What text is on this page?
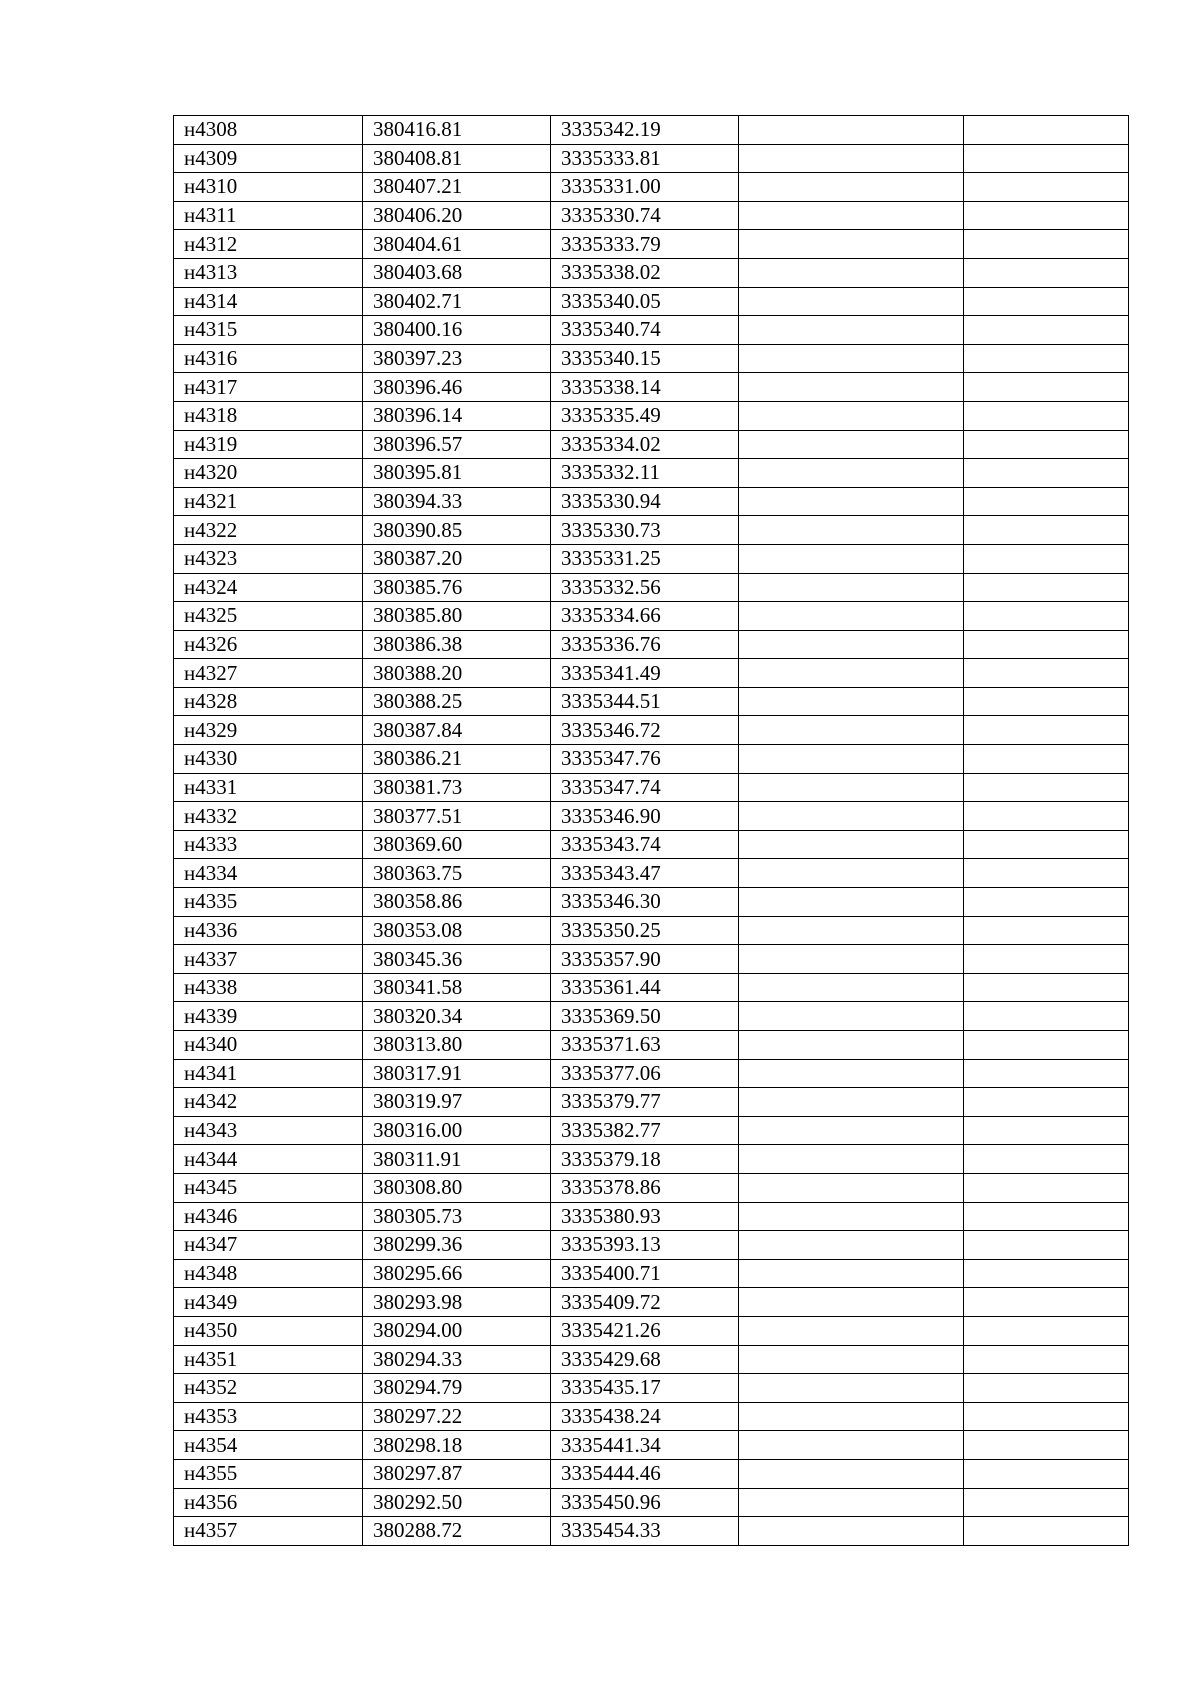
н4308	380416.81	3335342.19		
н4309	380408.81	3335333.81		
н4310	380407.21	3335331.00		
н4311	380406.20	3335330.74		
н4312	380404.61	3335333.79		
н4313	380403.68	3335338.02		
н4314	380402.71	3335340.05		
н4315	380400.16	3335340.74		
н4316	380397.23	3335340.15		
н4317	380396.46	3335338.14		
н4318	380396.14	3335335.49		
н4319	380396.57	3335334.02		
н4320	380395.81	3335332.11		
н4321	380394.33	3335330.94		
н4322	380390.85	3335330.73		
н4323	380387.20	3335331.25		
н4324	380385.76	3335332.56		
н4325	380385.80	3335334.66		
н4326	380386.38	3335336.76		
н4327	380388.20	3335341.49		
н4328	380388.25	3335344.51		
н4329	380387.84	3335346.72		
н4330	380386.21	3335347.76		
н4331	380381.73	3335347.74		
н4332	380377.51	3335346.90		
н4333	380369.60	3335343.74		
н4334	380363.75	3335343.47		
н4335	380358.86	3335346.30		
н4336	380353.08	3335350.25		
н4337	380345.36	3335357.90		
н4338	380341.58	3335361.44		
н4339	380320.34	3335369.50		
н4340	380313.80	3335371.63		
н4341	380317.91	3335377.06		
н4342	380319.97	3335379.77		
н4343	380316.00	3335382.77		
н4344	380311.91	3335379.18		
н4345	380308.80	3335378.86		
н4346	380305.73	3335380.93		
н4347	380299.36	3335393.13		
н4348	380295.66	3335400.71		
н4349	380293.98	3335409.72		
н4350	380294.00	3335421.26		
н4351	380294.33	3335429.68		
н4352	380294.79	3335435.17		
н4353	380297.22	3335438.24		
н4354	380298.18	3335441.34		
н4355	380297.87	3335444.46		
н4356	380292.50	3335450.96		
н4357	380288.72	3335454.33		
